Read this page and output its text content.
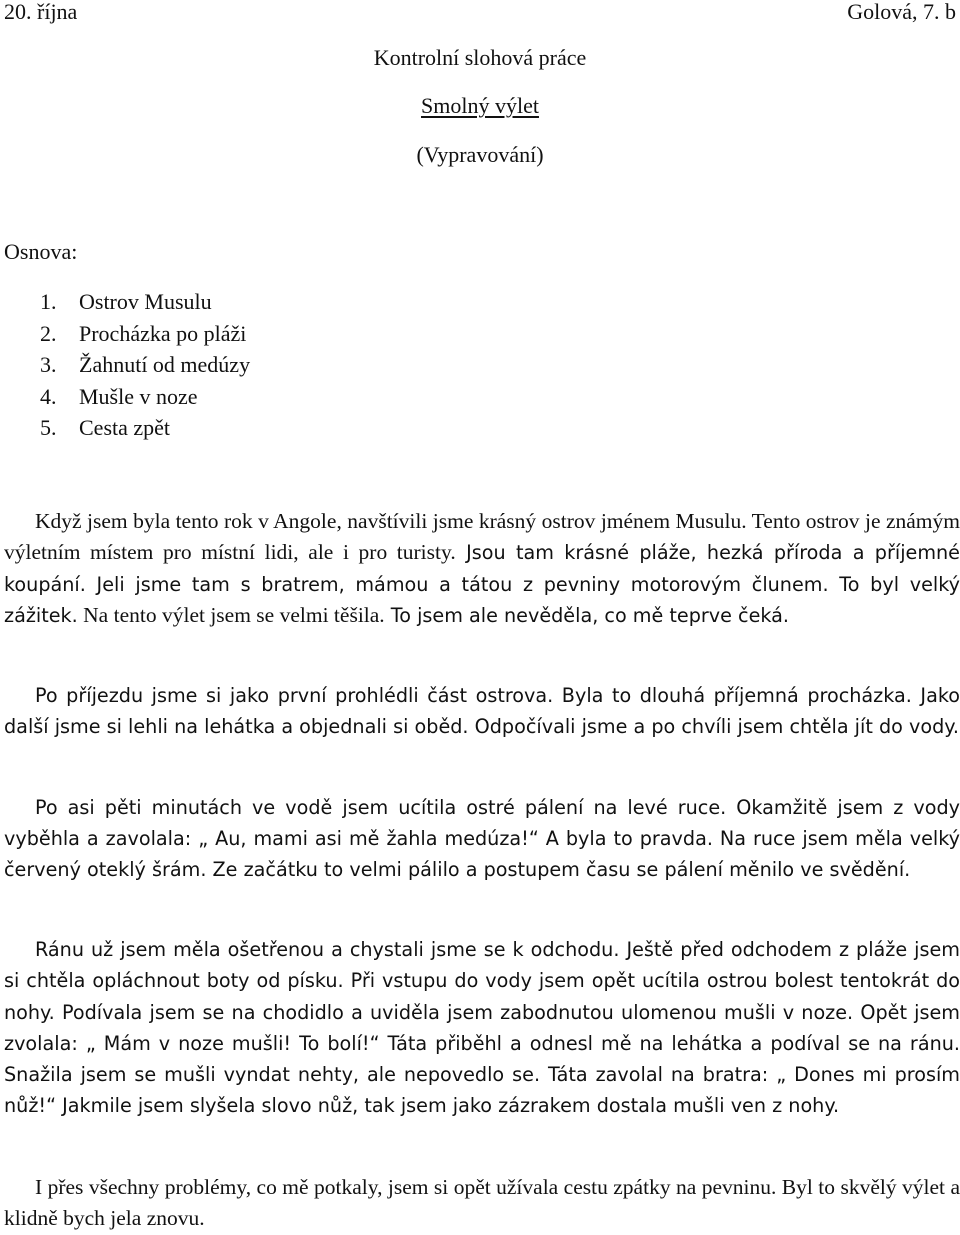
20. října	Golová, 7. b
Kontrolní slohová práce
Smolný výlet
(Vypravování)
Osnova:
1.	Ostrov Musulu
2.	Procházka po pláži
3.	Žahnutí od medúzy
4.	Mušle v noze
5.	Cesta zpět

Když jsem byla tento rok v Angole, navštívili jsme krásný ostrov jménem Musulu. Tento ostrov je známým výletním místem pro místní lidi, ale i pro turisty. Jsou tam krásné pláže, hezká příroda a příjemné koupání. Jeli jsme tam s bratrem, mámou a tátou z pevniny motorovým člunem. To byl velký zážitek. Na tento výlet jsem se velmi těšila. To jsem ale nevěděla, co mě teprve čeká.

Po příjezdu jsme si jako první prohlédli část ostrova. Byla to dlouhá příjemná procházka. Jako další jsme si lehli na lehátka a objednali si oběd. Odpočívali jsme a po chvíli jsem chtěla jít do vody.

Po asi pěti minutách ve vodě jsem ucítila ostré pálení na levé ruce. Okamžitě jsem z vody vyběhla a zavolala: „ Au, mami asi mě žahla medúza!“ A byla to pravda. Na ruce jsem měla velký červený oteklý šrám. Ze začátku to velmi pálilo a postupem času se pálení měnilo ve svědění.

Ránu už jsem měla ošetřenou a chystali jsme se k odchodu. Ještě před odchodem z pláže jsem si chtěla opláchnout boty od písku. Při vstupu do vody jsem opět ucítila ostrou bolest tentokrát do nohy. Podívala jsem se na chodidlo a uviděla jsem zabodnutou ulomenou mušli v noze. Opět jsem zvolala: „ Mám v noze mušli! To bolí!“ Táta přiběhl a odnesl mě na lehátka a podíval se na ránu. Snažila jsem se mušli vyndat nehty, ale nepovedlo se. Táta zavolal na bratra: „ Dones mi prosím nůž!“ Jakmile jsem slyšela slovo nůž, tak jsem jako zázrakem dostala mušli ven z nohy.

I přes všechny problémy, co mě potkaly, jsem si opět užívala cestu zpátky na pevninu. Byl to skvělý výlet a klidně bych jela znovu.
